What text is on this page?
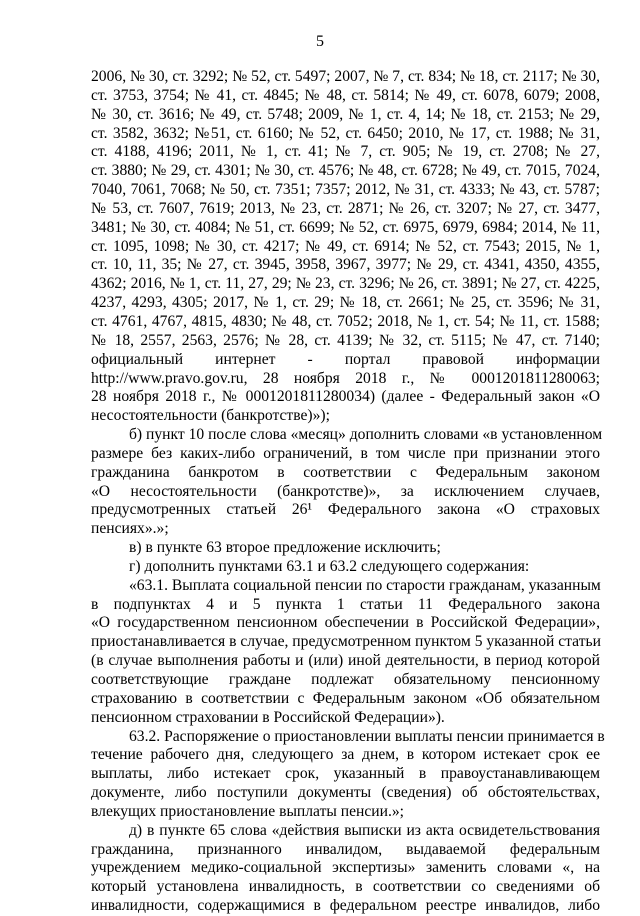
5
2006, № 30, ст. 3292; № 52, ст. 5497; 2007, № 7, ст. 834; № 18, ст. 2117; № 30,
ст. 3753, 3754; № 41, ст. 4845; № 48, ст. 5814; № 49, ст. 6078, 6079; 2008,
№ 30, ст. 3616; № 49, ст. 5748; 2009, № 1, ст. 4, 14; № 18, ст. 2153; № 29,
ст. 3582, 3632; №51, ст. 6160; № 52, ст. 6450; 2010, № 17, ст. 1988; № 31,
ст. 4188, 4196; 2011, № 1, ст. 41; № 7, ст. 905; № 19, ст. 2708; № 27,
ст. 3880; № 29, ст. 4301; № 30, ст. 4576; № 48, ст. 6728; № 49, ст. 7015, 7024,
7040, 7061, 7068; № 50, ст. 7351; 7357; 2012, № 31, ст. 4333; № 43, ст. 5787;
№ 53, ст. 7607, 7619; 2013, № 23, ст. 2871; № 26, ст. 3207; № 27, ст. 3477,
3481; № 30, ст. 4084; № 51, ст. 6699; № 52, ст. 6975, 6979, 6984; 2014, № 11,
ст. 1095, 1098; № 30, ст. 4217; № 49, ст. 6914; № 52, ст. 7543; 2015, № 1,
ст. 10, 11, 35; № 27, ст. 3945, 3958, 3967, 3977; № 29, ст. 4341, 4350, 4355,
4362; 2016, № 1, ст. 11, 27, 29; № 23, ст. 3296; № 26, ст. 3891; № 27, ст. 4225,
4237, 4293, 4305; 2017, № 1, ст. 29; № 18, ст. 2661; № 25, ст. 3596; № 31,
ст. 4761, 4767, 4815, 4830; № 48, ст. 7052; 2018, № 1, ст. 54; № 11, ст. 1588;
№ 18, 2557, 2563, 2576; № 28, ст. 4139; № 32, ст. 5115; № 47, ст. 7140;
официальный интернет - портал правовой информации
http://www.pravo.gov.ru, 28 ноября 2018 г., № 0001201811280063;
28 ноября 2018 г., № 0001201811280034) (далее - Федеральный закон «О
несостоятельности (банкротстве)»);
б) пункт 10 после слова «месяц» дополнить словами «в установленном
размере без каких-либо ограничений, в том числе при признании этого
гражданина банкротом в соответствии с Федеральным законом
«О несостоятельности (банкротстве)», за исключением случаев,
предусмотренных статьей 26¹ Федерального закона «О страховых
пенсиях».»;
в) в пункте 63 второе предложение исключить;
г) дополнить пунктами 63.1 и 63.2 следующего содержания:
«63.1. Выплата социальной пенсии по старости гражданам, указанным
в подпунктах 4 и 5 пункта 1 статьи 11 Федерального закона
«О государственном пенсионном обеспечении в Российской Федерации»,
приостанавливается в случае, предусмотренном пунктом 5 указанной статьи
(в случае выполнения работы и (или) иной деятельности, в период которой
соответствующие граждане подлежат обязательному пенсионному
страхованию в соответствии с Федеральным законом «Об обязательном
пенсионном страховании в Российской Федерации»).
63.2. Распоряжение о приостановлении выплаты пенсии принимается в
течение рабочего дня, следующего за днем, в котором истекает срок ее
выплаты, либо истекает срок, указанный в правоустанавливающем
документе, либо поступили документы (сведения) об обстоятельствах,
влекущих приостановление выплаты пенсии.»;
д) в пункте 65 слова «действия выписки из акта освидетельствования
гражданина, признанного инвалидом, выдаваемой федеральным
учреждением медико-социальной экспертизы» заменить словами «, на
который установлена инвалидность, в соответствии со сведениями об
инвалидности, содержащимися в федеральном реестре инвалидов, либо
